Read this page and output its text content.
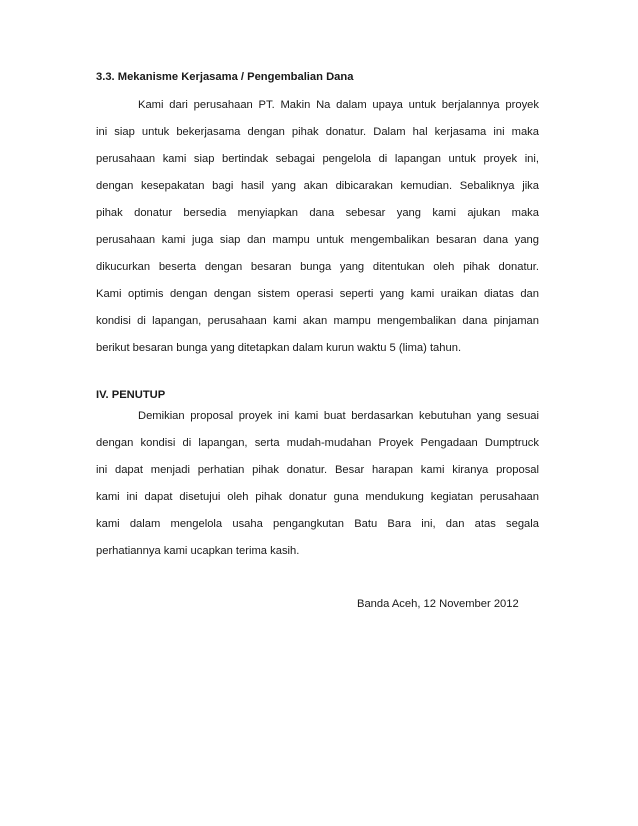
3.3. Mekanisme Kerjasama / Pengembalian Dana

Kami dari perusahaan PT. Makin Na dalam upaya untuk berjalannya proyek

ini siap untuk bekerjasama dengan pihak donatur. Dalam hal kerjasama ini maka

perusahaan kami siap bertindak sebagai pengelola di lapangan untuk proyek ini,

dengan kesepakatan bagi hasil yang akan dibicarakan kemudian. Sebaliknya jika

pihak donatur bersedia menyiapkan dana sebesar yang kami ajukan maka

perusahaan kami juga siap dan mampu untuk mengembalikan besaran dana yang

dikucurkan beserta dengan besaran bunga yang ditentukan oleh pihak donatur.

Kami optimis dengan dengan sistem operasi seperti yang kami uraikan diatas dan

kondisi di lapangan, perusahaan kami akan mampu mengembalikan dana pinjaman

berikut besaran bunga yang ditetapkan dalam kurun waktu 5 (lima) tahun.

IV. PENUTUP

Demikian proposal proyek ini kami buat berdasarkan kebutuhan yang sesuai

dengan kondisi di lapangan, serta mudah-mudahan Proyek Pengadaan Dumptruck

ini dapat menjadi perhatian pihak donatur. Besar harapan kami kiranya proposal

kami ini dapat disetujui oleh pihak donatur guna mendukung kegiatan perusahaan

kami dalam mengelola usaha pengangkutan Batu Bara ini, dan atas segala

perhatiannya kami ucapkan terima kasih.

Banda Aceh, 12 November 2012
